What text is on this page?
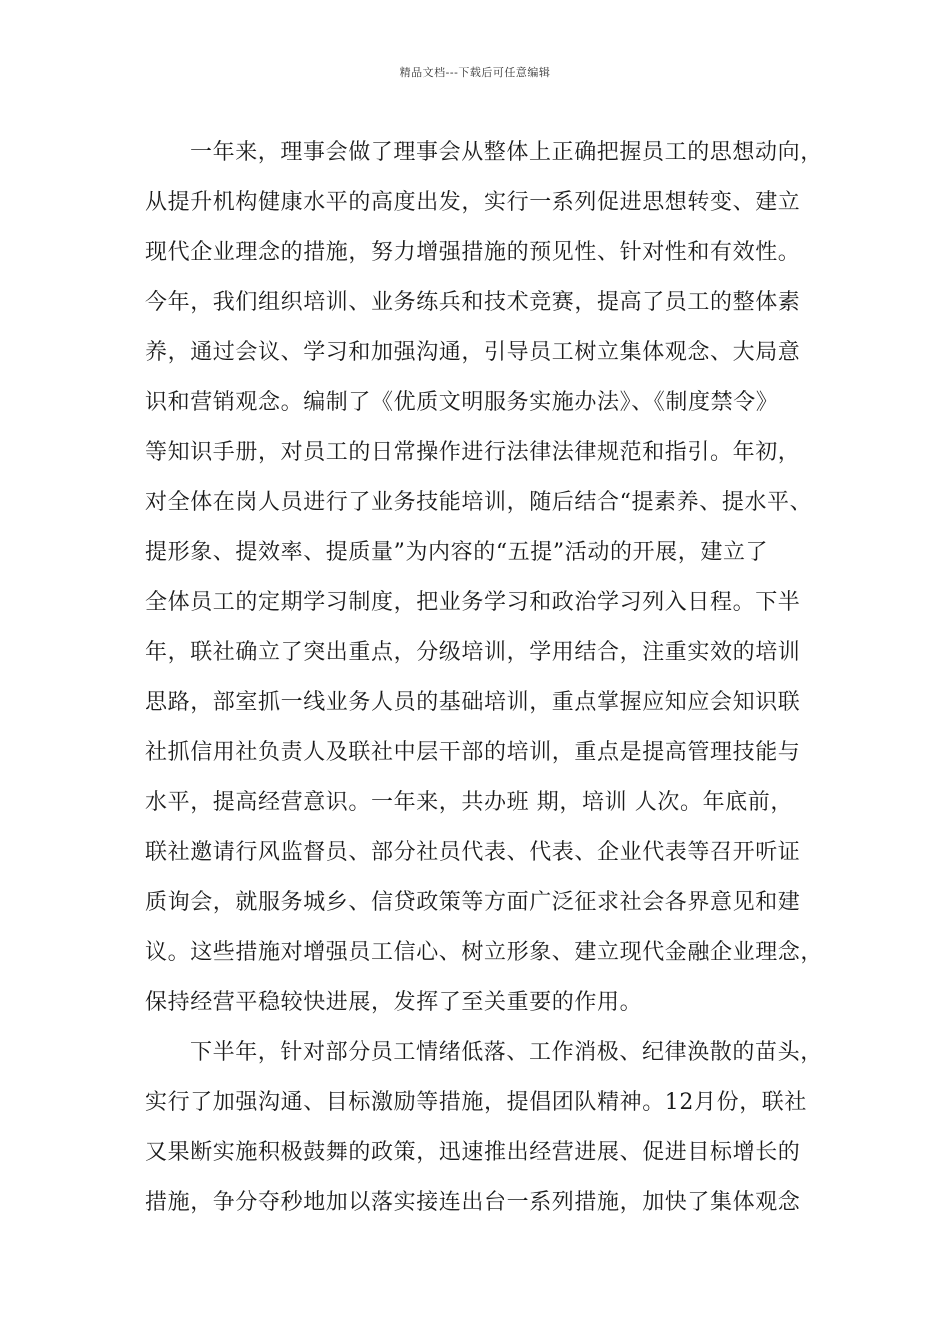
精品文档---下载后可任意编辑
一年来，理事会做了理事会从整体上正确把握员工的思想动向，
从提升机构健康水平的高度出发，实行一系列促进思想转变、建立
现代企业理念的措施，努力增强措施的预见性、针对性和有效性。
今年，我们组织培训、业务练兵和技术竞赛，提高了员工的整体素
养，通过会议、学习和加强沟通，引导员工树立集体观念、大局意
识和营销观念。编制了《优质文明服务实施办法》、《制度禁令》
等知识手册，对员工的日常操作进行法律法律规范和指引。年初，
对全体在岗人员进行了业务技能培训，随后结合“提素养、提水平、
提形象、提效率、提质量”为内容的“五提”活动的开展，建立了
全体员工的定期学习制度，把业务学习和政治学习列入日程。下半
年，联社确立了突出重点，分级培训，学用结合，注重实效的培训
思路，部室抓一线业务人员的基础培训，重点掌握应知应会知识联
社抓信用社负责人及联社中层干部的培训，重点是提高管理技能与
水平，提高经营意识。一年来，共办班 期，培训 人次。年底前，
联社邀请行风监督员、部分社员代表、代表、企业代表等召开听证
质询会，就服务城乡、信贷政策等方面广泛征求社会各界意见和建
议。这些措施对增强员工信心、树立形象、建立现代金融企业理念，
保持经营平稳较快进展，发挥了至关重要的作用。
下半年，针对部分员工情绪低落、工作消极、纪律涣散的苗头，
实行了加强沟通、目标激励等措施，提倡团队精神。12月份，联社
又果断实施积极鼓舞的政策，迅速推出经营进展、促进目标增长的
措施，争分夺秒地加以落实接连出台一系列措施，加快了集体观念
